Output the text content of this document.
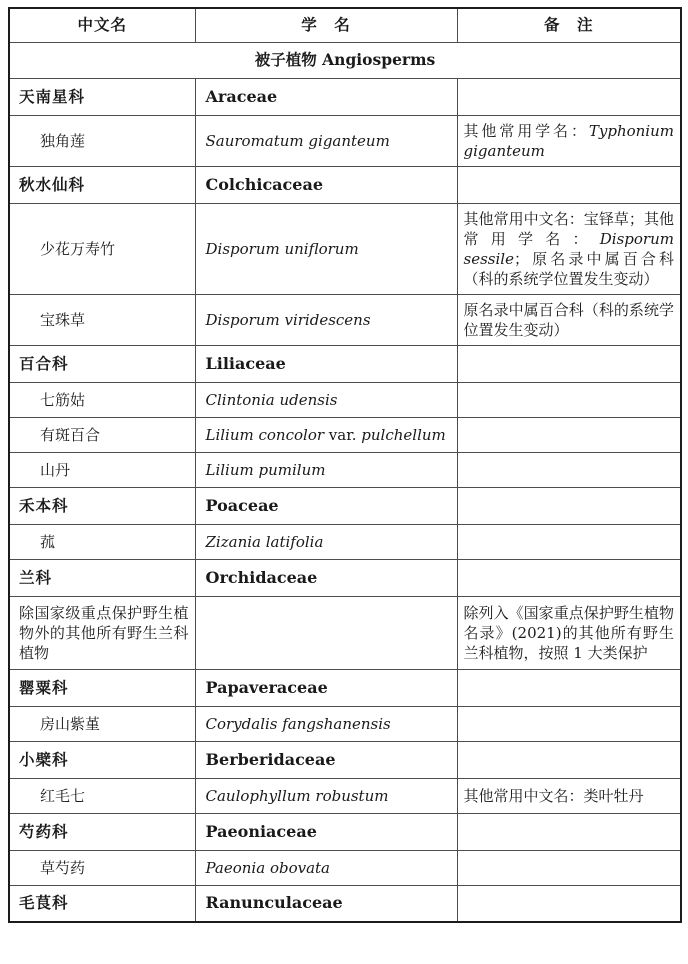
中文名	学　名	备　注
被子植物 Angiosperms		
天南星科	Araceae	
独角莲	Sauromatum giganteum	其他常用学名：Typhonium giganteum
秋水仙科	Colchicaceae	
少花万寿竹	Disporum uniflorum	其他常用中文名：宝铎草；其他常用学名：Disporum sessile；原名录中属百合科（科的系统学位置发生变动）
宝珠草	Disporum viridescens	原名录中属百合科（科的系统学位置发生变动）
百合科	Liliaceae	
七筋姑	Clintonia udensis	
有斑百合	Lilium concolor var. pulchellum	
山丹	Lilium pumilum	
禾本科	Poaceae	
菰	Zizania latifolia	
兰科	Orchidaceae	
除国家级重点保护野生植物外的其他所有野生兰科植物		除列入《国家重点保护野生植物名录》(2021)的其他所有野生兰科植物，按照 1 大类保护
罂粟科	Papaveraceae	
房山紫堇	Corydalis fangshanensis	
小檗科	Berberidaceae	
红毛七	Caulophyllum robustum	其他常用中文名：类叶牡丹
芍药科	Paeoniaceae	
草芍药	Paeonia obovata	
毛茛科	Ranunculaceae	
